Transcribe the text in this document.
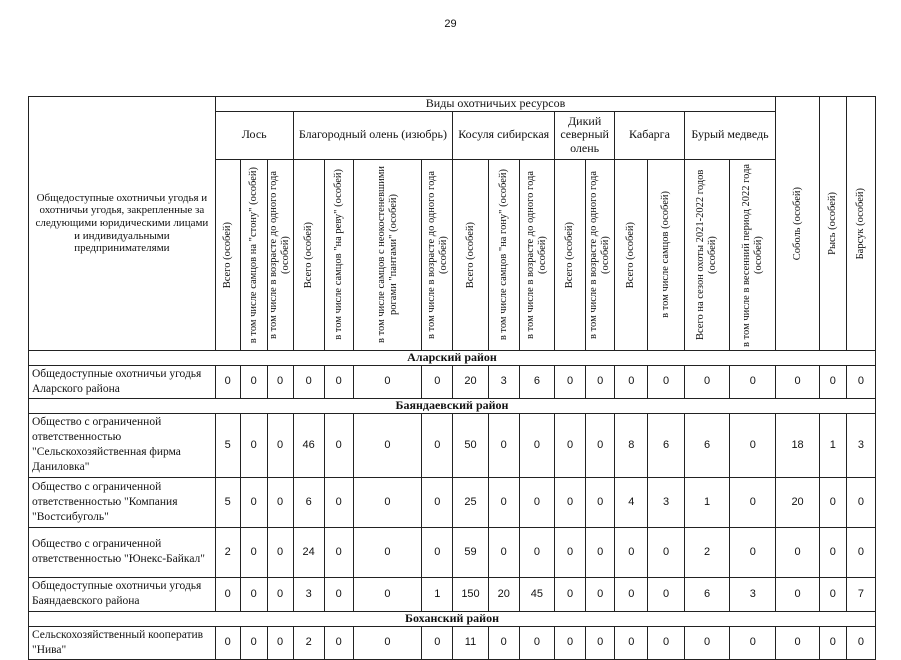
29
Общедоступные охотничьи угодья и охотничьи угодья, закрепленные за следующими юридическими лицами и индивидуальными предпринимателями	Виды охотничьих ресурсов																Соболь (особей)	Рысь (особей)	Барсук (особей)

	Лось			Благородный олень (изюбрь)				Косуля сибирская			Дикий северный олень		Кабарга		Бурый медведь				

	Всего (особей)	в том числе самцов на "стону" (особей)	в том числе в возрасте до одного года (особей)	Всего (особей)	в том числе самцов "на реву" (особей)	в том числе самцов с неокостеневшими рогами "пантами" (особей)	в том числе в возрасте до одного года (особей)	Всего (особей)	в том числе самцов "на гону" (особей)	в том числе в возрасте до одного года (особей)	Всего (особей)	в том числе в возрасте до одного года (особей)	Всего (особей)	в том числе самцов (особей)	Всего на сезон охоты 2021-2022 годов (особей)	в том числе в весенний период 2022 года (особей)			

Аларский район																			
Общедоступные охотничьи угодья Аларского района	0	0	0	0	0	0	0	20	3	6	0	0	0	0	0	0	0	0	0
Баяндаевский район																			
Общество с ограниченной ответственностью "Сельскохозяйственная фирма Даниловка"	5	0	0	46	0	0	0	50	0	0	0	0	8	6	6	0	18	1	3
Общество с ограниченной ответственностью "Компания "Востсибуголь"	5	0	0	6	0	0	0	25	0	0	0	0	4	3	1	0	20	0	0
Общество с ограниченной ответственностью "Юнекс-Байкал"	2	0	0	24	0	0	0	59	0	0	0	0	0	0	2	0	0	0	0
Общедоступные охотничьи угодья Баяндаевского района	0	0	0	3	0	0	1	150	20	45	0	0	0	0	6	3	0	0	7
Боханский район																			
Сельскохозяйственный кооператив "Нива"	0	0	0	2	0	0	0	11	0	0	0	0	0	0	0	0	0	0	0
